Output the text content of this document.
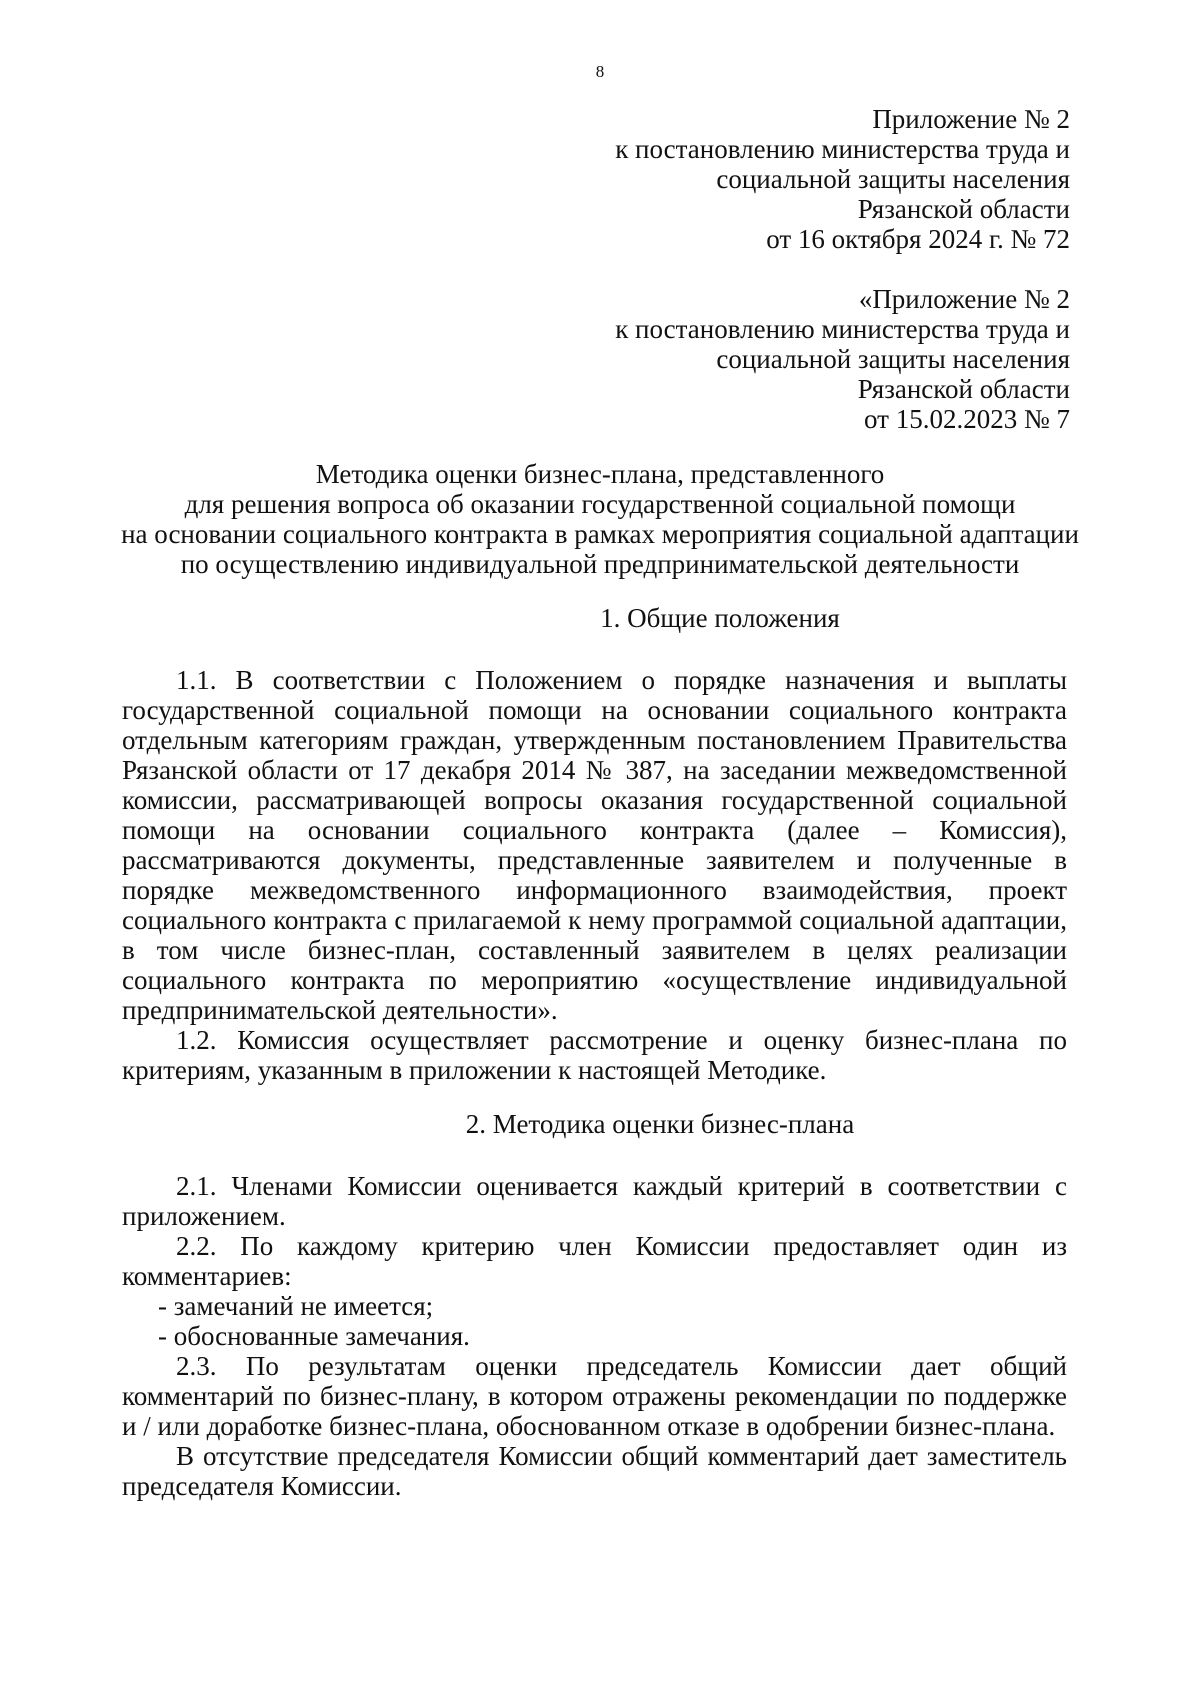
8
Приложение № 2
к постановлению министерства труда и
социальной защиты населения
Рязанской области
от 16 октября 2024 г. № 72
«Приложение № 2
к постановлению министерства труда и
социальной защиты населения
Рязанской области
от 15.02.2023 № 7
Методика оценки бизнес-плана, представленного
для решения вопроса об оказании государственной социальной помощи
на основании социального контракта в рамках мероприятия социальной адаптации
по осуществлению индивидуальной предпринимательской деятельности
1. Общие положения

1.1. В соответствии с Положением о порядке назначения и выплаты государственной социальной помощи на основании социального контракта отдельным категориям граждан, утвержденным постановлением Правительства Рязанской области от 17 декабря 2014 № 387, на заседании межведомственной комиссии, рассматривающей вопросы оказания государственной социальной помощи на основании социального контракта (далее – Комиссия), рассматриваются документы, представленные заявителем и полученные в порядке межведомственного информационного взаимодействия, проект социального контракта с прилагаемой к нему программой социальной адаптации, в том числе бизнес-план, составленный заявителем в целях реализации социального контракта по мероприятию «осуществление индивидуальной предпринимательской деятельности».

1.2. Комиссия осуществляет рассмотрение и оценку бизнес-плана по критериям, указанным в приложении к настоящей Методике.

2. Методика оценки бизнес-плана

2.1. Членами Комиссии оценивается каждый критерий в соответствии с приложением.

2.2. По каждому критерию член Комиссии предоставляет один из комментариев:

- замечаний не имеется;

- обоснованные замечания.

2.3. По результатам оценки председатель Комиссии дает общий комментарий по бизнес-плану, в котором отражены рекомендации по поддержке и / или доработке бизнес-плана, обоснованном отказе в одобрении бизнес-плана.

В отсутствие председателя Комиссии общий комментарий дает заместитель председателя Комиссии.
